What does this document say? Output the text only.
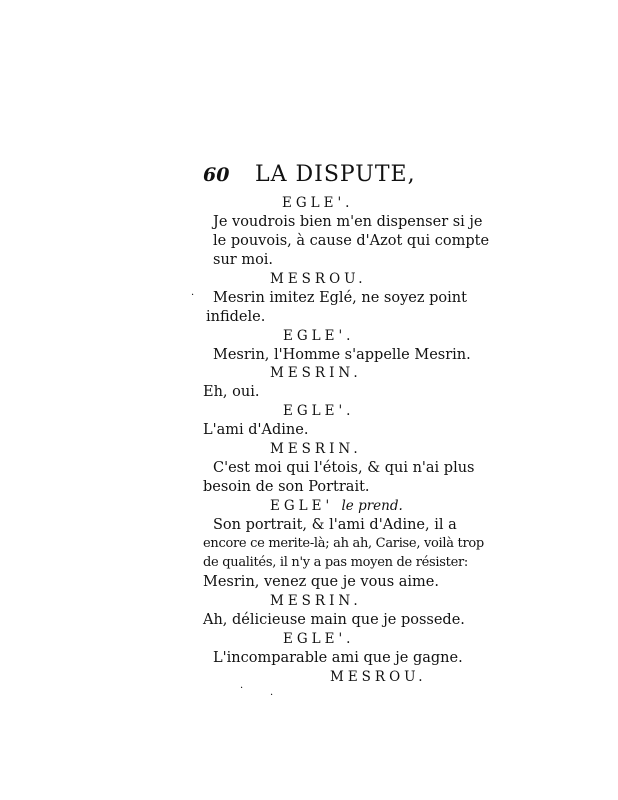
60 LA DISPUTE,
EGLE'.
Je voudrois bien m'en dispenser si je
le pouvois, à cause d'Azot qui compte
sur moi.
MESROU.
Mesrin imitez Eglé, ne soyez point
infidele.
EGLE'.
Mesrin, l'Homme s'appelle Mesrin.
MESRIN.
Eh, oui.
EGLE'.
L'ami d'Adine.
MESRIN.
C'est moi qui l'étois, & qui n'ai plus
besoin de son Portrait.
EGLE' le prend.
Son portrait, & l'ami d'Adine, il a
encore ce merite-là; ah ah, Carise, voilà trop
de qualités, il n'y a pas moyen de résister:
Mesrin, venez que je vous aime.
MESRIN.
Ah, délicieuse main que je possede.
EGLE'.
L'incomparable ami que je gagne.
MESROU.
·
·
·
